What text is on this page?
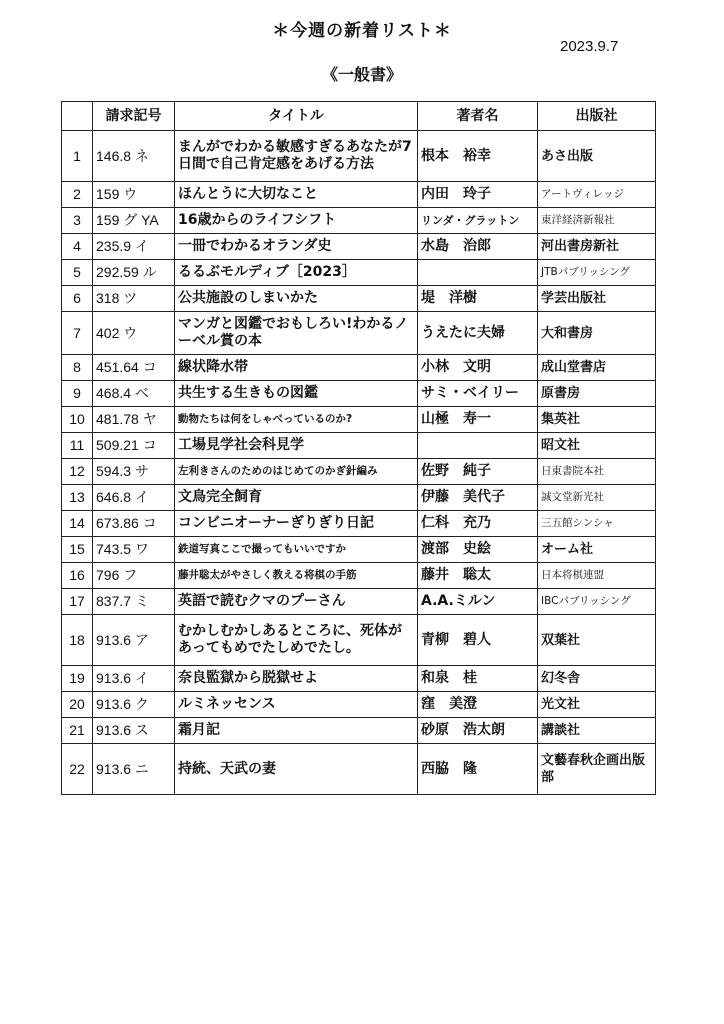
＊今週の新着リスト＊
2023.9.7
《一般書》
	請求記号	タイトル	著者名	出版社
1	146.8 ネ	まんがでわかる敏感すぎるあなたが7日間で自己肯定感をあげる方法	根本　裕幸	あさ出版
2	159 ウ	ほんとうに大切なこと	内田　玲子	アートヴィレッジ
3	159 グ YA	16歳からのライフシフト	リンダ・グラットン	東洋経済新報社
4	235.9 イ	一冊でわかるオランダ史	水島　治郎	河出書房新社
5	292.59 ル	るるぶモルディブ［2023］		JTBパブリッシング
6	318 ツ	公共施設のしまいかた	堤　洋樹	学芸出版社
7	402 ウ	マンガと図鑑でおもしろい!わかるノーベル賞の本	うえたに夫婦	大和書房
8	451.64 コ	線状降水帯	小林　文明	成山堂書店
9	468.4 ベ	共生する生きもの図鑑	サミ・ベイリー	原書房
10	481.78 ヤ	動物たちは何をしゃべっているのか?	山極　寿一	集英社
11	509.21 コ	工場見学社会科見学		昭文社
12	594.3 サ	左利きさんのためのはじめてのかぎ針編み	佐野　純子	日東書院本社
13	646.8 イ	文鳥完全飼育	伊藤　美代子	誠文堂新光社
14	673.86 コ	コンビニオーナーぎりぎり日記	仁科　充乃	三五館シンシャ
15	743.5 ワ	鉄道写真ここで撮ってもいいですか	渡部　史絵	オーム社
16	796 フ	藤井聡太がやさしく教える将棋の手筋	藤井　聡太	日本将棋連盟
17	837.7 ミ	英語で読むクマのプーさん	A.A.ミルン	IBCパブリッシング
18	913.6 ア	むかしむかしあるところに、死体があってもめでたしめでたし。	青柳　碧人	双葉社
19	913.6 イ	奈良監獄から脱獄せよ	和泉　桂	幻冬舎
20	913.6 ク	ルミネッセンス	窪　美澄	光文社
21	913.6 ス	霜月記	砂原　浩太朗	講談社
22	913.6 ニ	持統、天武の妻	西脇　隆	文藝春秋企画出版部
